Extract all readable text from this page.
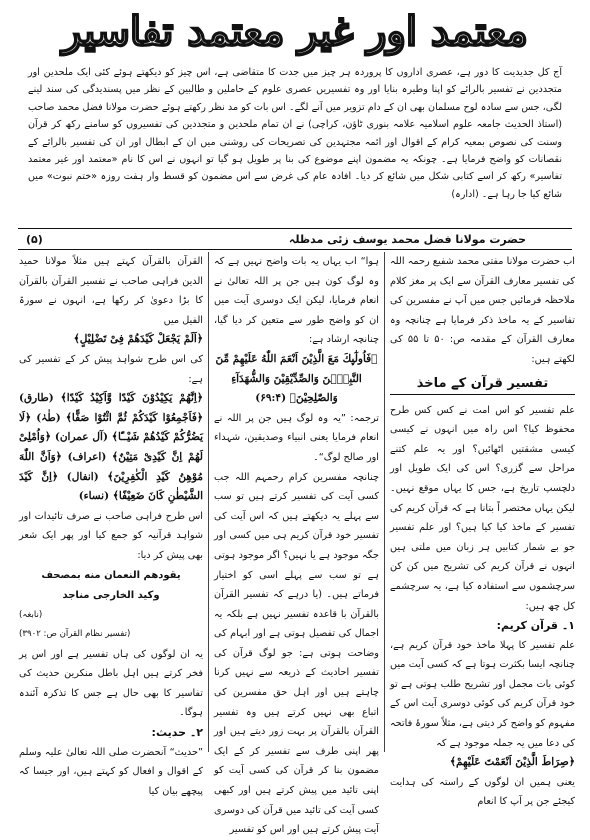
معتمد اور غیر معتمد تفاسیر

آج کل جدیدیت کا دور ہے، عصری اداروں کا پروردہ ہر چیز میں جدت کا متقاضی ہے، اس چیز کو دیکھتے ہوئے کئی ایک ملحدین اور متجددین نے تفسیر بالرائے کو اپنا وطیرہ بنایا اور وہ تفسیریں عصری علوم کے حاملین و طالبین کے نظر میں پسندیدگی کی سند لینے لگی، جس سے سادہ لوح مسلمان بھی ان کے دام تزویر میں آنے لگے۔ اس بات کو مد نظر رکھتے ہوئے حضرت مولانا فضل محمد صاحب (استاذ الحدیث جامعہ علوم اسلامیہ علامہ بنوری ٹاؤن، کراچی) نے ان تمام ملحدین و متجددین کی تفسیروں کو سامنے رکھ کر قرآن وسنت کی نصوص بمعیہ کرام کے اقوال اور ائمہ مجتہدین کی تصریحات کی روشنی میں ان کے ابطال اور ان کی تفسیر بالرائے کے نقصانات کو واضح فرمایا ہے۔ چونکہ یہ مضمون اپنے موضوع کی بنا پر طویل ہو گیا تو انہوں نے اس کا نام «معتمد اور غیر معتمد تفاسیر» رکھ کر اسے کتابی شکل میں شائع کر دیا۔ افادہ عام کی غرض سے اس مضمون کو قسط وار ہفت روزہ «ختم نبوت» میں شائع کیا جا رہا ہے۔ (ادارہ)

حضرت مولانا فضل محمد یوسف زئی مدظلہ
(۵)

اب حضرت مولانا مفتی محمد شفیع رحمہ اللہ کی تفسیر معارف القرآن سے ایک پر مغز کلام ملاحظہ فرمائیں جس میں آپ نے مفسرین کی تفاسیر کے یہ ماخذ ذکر فرمایا ہے چنانچہ وہ معارف القرآن کے مقدمہ ص: ۵۰ تا ۵۵ کی لکھتے ہیں:

تفسیر قرآن کے ماخذ

علم تفسیر کو اس امت نے کس کس طرح محفوظ کیا؟ اس راہ میں انہوں نے کیسی کیسی مشقتیں اٹھائیں؟ اور یہ علم کتنے مراحل سے گزری؟ اس کی ایک طویل اور دلچسپ تاریخ ہے، جس کا یہاں موقع نہیں۔ لیکن یہاں مختصر اً بتانا ہے کہ قرآن کریم کی تفسیر کے ماخذ کیا کیا ہیں؟ اور علم تفسیر جو بے شمار کتابیں ہر زبان میں ملتی ہیں انہوں نے قرآن کریم کی تشریح میں کن کن سرچشموں سے استفادہ کیا ہے، یہ سرچشمے کل چھ ہیں:

۱۔ قرآن کریم:

علم تفسیر کا پہلا ماخذ خود قرآن کریم ہے، چنانچہ ایسا بکثرت ہوتا ہے کہ کسی آیت میں کوئی بات مجمل اور تشریح طلب ہوتی ہے تو خود قرآن کریم کی کوئی دوسری آیت اس کے مفہوم کو واضح کر دیتی ہے، مثلاً سورۂ فاتحہ کی دعا میں یہ جملہ موجود ہے کہ

﴿صِرَاطَ الَّذِیْنَ اَنْعَمْتَ عَلَیْهِمْ﴾

یعنی ہمیں ان لوگوں کے راستہ کی ہدایت کیجئے جن پر آپ کا انعام

ہوا“ اب یہاں یہ بات واضح نہیں ہے کہ وہ لوگ کون ہیں جن پر اللہ تعالیٰ نے انعام فرمایا، لیکن ایک دوسری آیت میں ان کو واضح طور سے متعین کر دیا گیا، چنانچہ ارشاد ہے:

﴿فَاُولٰٓىِٕكَ مَعَ الَّذِیْنَ اَنْعَمَ اللّٰهُ عَلَیْهِمْ مِّنَ النَّبِیّٖنَ وَالصِّدِّیْقِیْنَ وَالشُّهَدَآءِ وَالصّٰلِحِیْنَ﴾ (۶۹:۴)

ترجمہ: ”یہ وہ لوگ ہیں جن پر اللہ نے انعام فرمایا یعنی انبیاء وصدیقین، شہداء اور صالح لوگ“۔

چنانچہ مفسرین کرام رحمہم اللہ جب کسی آیت کی تفسیر کرتے ہیں تو سب سے پہلے یہ دیکھتے ہیں کہ اس آیت کی تفسیر خود قرآن کریم ہی میں کسی اور جگہ موجود ہے یا نہیں؟ اگر موجود ہوتی ہے تو سب سے پہلے اسی کو اختیار فرماتے ہیں۔ (یا درہے کہ تفسیر القرآن بالقرآن با قاعدہ تفسیر نہیں ہے بلکہ یہ اجمال کی تفصیل ہوتی ہے اور ابہام کی وضاحت ہوتی ہے: جو لوگ قرآن کی تفسیر احادیث کے ذریعہ سے نہیں کرنا چاہتے ہیں اور اہل حق مفسرین کی اتباع بھی نہیں کرتے ہیں وہ تفسیر القرآن بالقرآن پر بہت زور دیتے ہیں اور پھر اپنی طرف سے تفسیر کر کے ایک مضمون بنا کر قرآن کی کسی آیت کو اپنی تائید میں پیش کرتے ہیں اور کبھی کسی آیت کی تائید میں قرآن کی دوسری آیت پیش کرتے ہیں اور اس کو تفسیر

القرآن بالقرآن کہتے ہیں مثلاً مولانا حمید الدین فراہی صاحب نے تفسیر القرآن بالقرآن کا بڑا دعویٰ کر رکھا ہے، انہوں نے سورۃ الفیل میں

﴿اَلَمْ یَجْعَلْ كَیْدَهُمْ فِیْ تَضْلِیْلٍ﴾

کی اس طرح شواہد پیش کر کے تفسیر کی ہے:

﴿اِنَّهُمْ یَكِیْدُوْنَ كَیْدًا وَّاَكِیْدُ كَیْدًا﴾ (طارق) ﴿فَاَجْمِعُوْا كَیْدَكُمْ ثُمَّ ائْتُوْا صَفًّا﴾ (طٰہٰ) ﴿لَا یَضُرُّكُمْ كَیْدُهُمْ شَیْــًٔا﴾ (آل عمران) ﴿وَاُمْلِیْ لَهُمْ اِنَّ كَیْدِیْ مَتِیْنٌ﴾ (اعراف) ﴿وَاَنَّ اللّٰهَ مُوْهِنُ كَیْدِ الْكٰفِرِیْنَ﴾ (انفال) ﴿اِنَّ كَیْدَ الشَّیْطٰنِ كَانَ ضَعِیْفًا﴾ (نساء)

اس طرح فراہی صاحب نے صرف تائیدات اور شواہد قرآنیہ کو جمع کیا اور پھر ایک شعر بھی پیش کر دیا:

یقودهم النعمان منه بمصحف

وكيد الخارجی مناجد

(نابغہ)

(تفسیر نظام القرآن ص: ۳۹۰۲)

یہ ان لوگوں کی ہاں تفسیر ہے اور اس پر فخر کرتے ہیں اہل باطل منکرین حدیث کی تفاسیر کا بھی حال ہے جس کا تذکرہ آئندہ ہوگا۔

۲۔ حدیث:

”حدیث“ آنحضرت صلی اللہ تعالیٰ علیہ وسلم کے اقوال و افعال کو کہتے ہیں، اور جیسا کہ پیچھے بیان کیا
